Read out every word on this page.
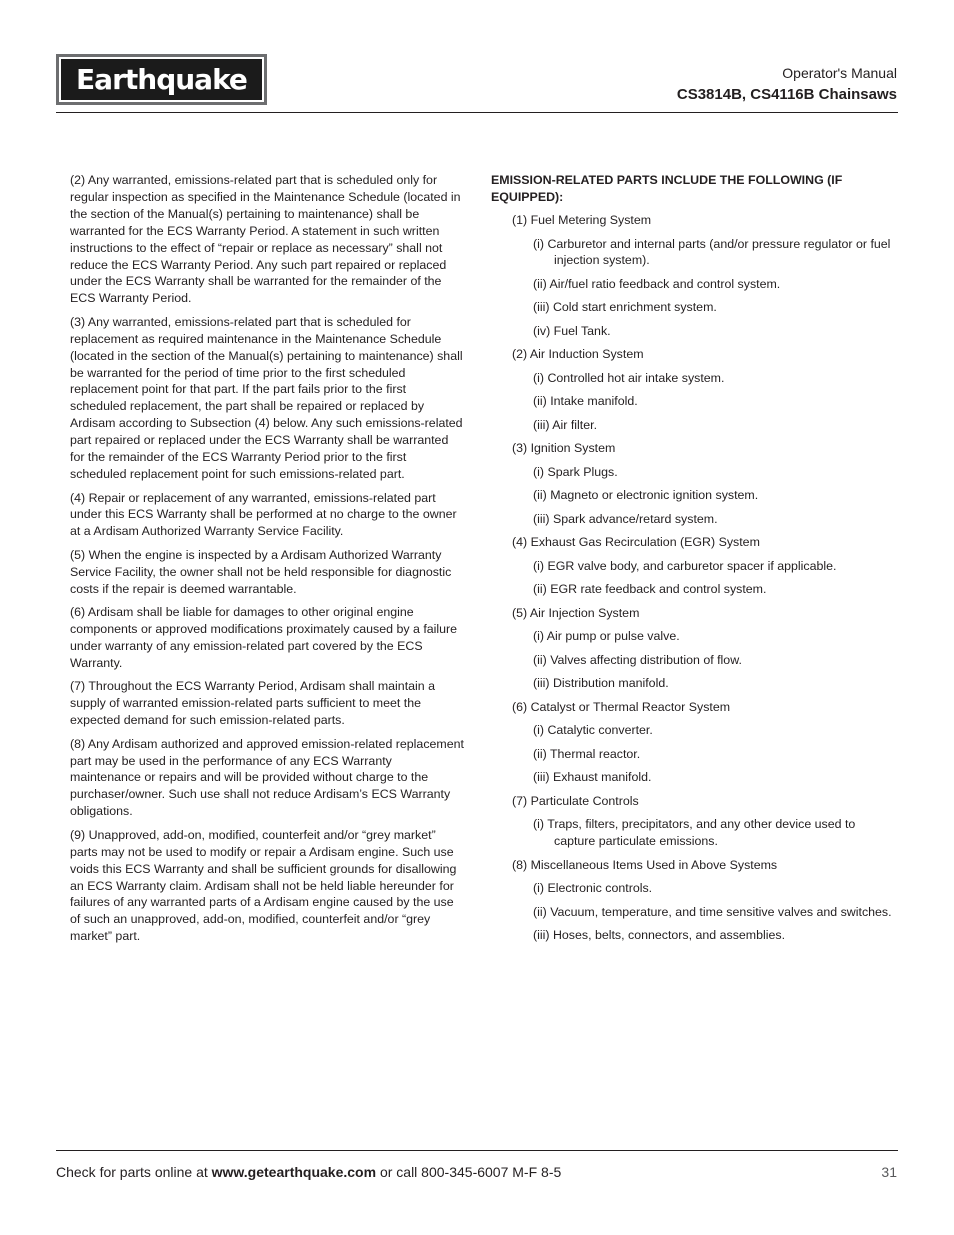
Earthquake	Operator's Manual
CS3814B, CS4116B Chainsaws

(2) Any warranted, emissions-related part that is scheduled only for regular inspection as specified in the Maintenance Schedule (located in the section of the Manual(s) pertaining to maintenance) shall be warranted for the ECS Warranty Period. A statement in such written instructions to the effect of “repair or replace as necessary” shall not reduce the ECS Warranty Period. Any such part repaired or replaced under the ECS Warranty shall be warranted for the remainder of the ECS Warranty Period.

(3) Any warranted, emissions-related part that is scheduled for replacement as required maintenance in the Maintenance Schedule (located in the section of the Manual(s) pertaining to maintenance) shall be warranted for the period of time prior to the first scheduled replacement point for that part. If the part fails prior to the first scheduled replacement, the part shall be repaired or replaced by Ardisam according to Subsection (4) below. Any such emissions-related part repaired or replaced under the ECS Warranty shall be warranted for the remainder of the ECS Warranty Period prior to the first scheduled replacement point for such emissions-related part.

(4) Repair or replacement of any warranted, emissions-related part under this ECS Warranty shall be performed at no charge to the owner at a Ardisam Authorized Warranty Service Facility.

(5) When the engine is inspected by a Ardisam Authorized Warranty Service Facility, the owner shall not be held responsible for diagnostic costs if the repair is deemed warrantable.

(6) Ardisam shall be liable for damages to other original engine components or approved modifications proximately caused by a failure under warranty of any emission-related part covered by the ECS Warranty.

(7) Throughout the ECS Warranty Period, Ardisam shall maintain a supply of warranted emission-related parts sufficient to meet the expected demand for such emission-related parts.

(8) Any Ardisam authorized and approved emission-related replacement part may be used in the performance of any ECS Warranty maintenance or repairs and will be provided without charge to the purchaser/owner. Such use shall not reduce Ardisam’s ECS Warranty obligations.

(9) Unapproved, add-on, modified, counterfeit and/or “grey market” parts may not be used to modify or repair a Ardisam engine. Such use voids this ECS Warranty and shall be sufficient grounds for disallowing an ECS Warranty claim. Ardisam shall not be held liable hereunder for failures of any warranted parts of a Ardisam engine caused by the use of such an unapproved, add-on, modified, counterfeit and/or “grey market” part.

EMISSION-RELATED PARTS INCLUDE THE FOLLOWING (IF EQUIPPED):
(1) Fuel Metering System
(i) Carburetor and internal parts (and/or pressure regulator or fuel injection system).
(ii) Air/fuel ratio feedback and control system.
(iii) Cold start enrichment system.
(iv) Fuel Tank.
(2) Air Induction System
(i) Controlled hot air intake system.
(ii) Intake manifold.
(iii) Air filter.
(3) Ignition System
(i) Spark Plugs.
(ii) Magneto or electronic ignition system.
(iii) Spark advance/retard system.
(4) Exhaust Gas Recirculation (EGR) System
(i) EGR valve body, and carburetor spacer if applicable.
(ii) EGR rate feedback and control system.
(5) Air Injection System
(i) Air pump or pulse valve.
(ii) Valves affecting distribution of flow.
(iii) Distribution manifold.
(6) Catalyst or Thermal Reactor System
(i) Catalytic converter.
(ii) Thermal reactor.
(iii) Exhaust manifold.
(7) Particulate Controls
(i) Traps, filters, precipitators, and any other device used to capture particulate emissions.
(8) Miscellaneous Items Used in Above Systems
(i) Electronic controls.
(ii) Vacuum, temperature, and time sensitive valves and switches.
(iii) Hoses, belts, connectors, and assemblies.
Check for parts online at www.getearthquake.com or call 800-345-6007 M-F 8-5	31
